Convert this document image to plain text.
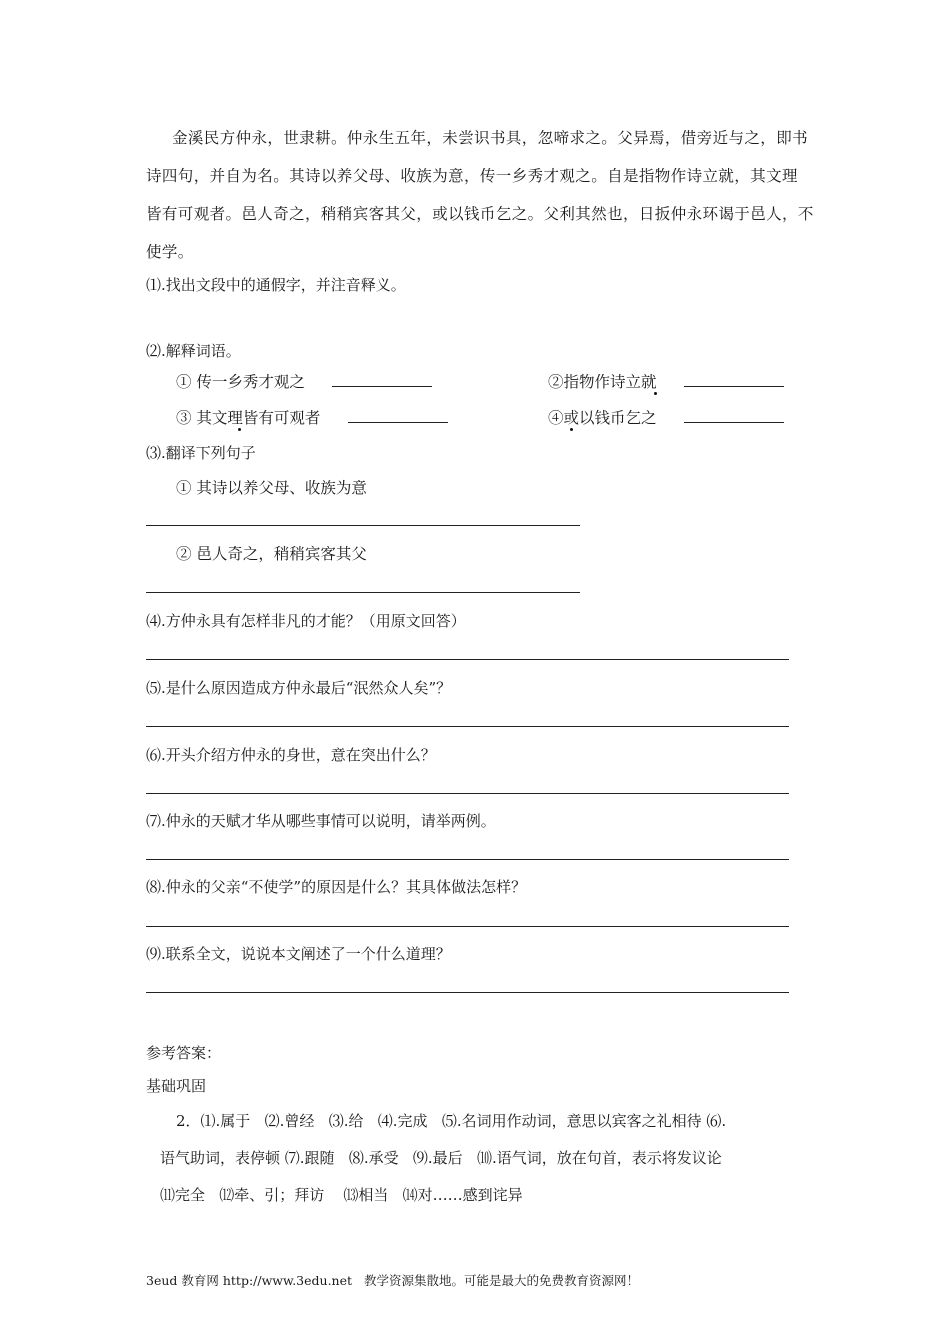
金溪民方仲永，世隶耕。仲永生五年，未尝识书具，忽啼求之。父异焉，借旁近与之，即书
诗四句，并自为名。其诗以养父母、收族为意，传一乡秀才观之。自是指物作诗立就，其文理
皆有可观者。邑人奇之，稍稍宾客其父，或以钱币乞之。父利其然也，日扳仲永环谒于邑人，不
使学。
⑴.找出文段中的通假字，并注音释义。
⑵.解释词语。
① 传一乡秀才观之	②指物作诗立就
③ 其文理皆有可观者	④或以钱币乞之
⑶.翻译下列句子
① 其诗以养父母、收族为意
② 邑人奇之，稍稍宾客其父
⑷.方仲永具有怎样非凡的才能？（用原文回答）
⑸.是什么原因造成方仲永最后“泯然众人矣”？
⑹.开头介绍方仲永的身世，意在突出什么？
⑺.仲永的天赋才华从哪些事情可以说明，请举两例。
⑻.仲永的父亲“不使学”的原因是什么？其具体做法怎样？
⑼.联系全文，说说本文阐述了一个什么道理？
参考答案：
基础巩固
2．⑴.属于   ⑵.曾经   ⑶.给   ⑷.完成   ⑸.名词用作动词，意思以宾客之礼相待 ⑹.
语气助词，表停顿 ⑺.跟随   ⑻.承受   ⑼.最后   ⑽.语气词，放在句首，表示将发议论
⑾完全   ⑿牵、引；拜访    ⒀相当   ⒁对……感到诧异
3eud 教育网 http://www.3edu.net   教学资源集散地。可能是最大的免费教育资源网！
